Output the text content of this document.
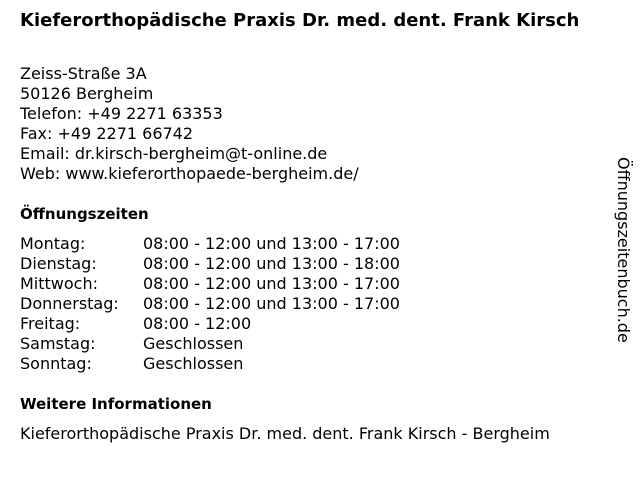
Kieferorthopädische Praxis Dr. med. dent. Frank Kirsch
Zeiss-Straße 3A
50126 Bergheim
Telefon: +49 2271 63353
Fax: +49 2271 66742
Email: dr.kirsch-bergheim@t-online.de
Web: www.kieferorthopaede-bergheim.de/
Öffnungszeiten
Montag:	08:00 - 12:00 und 13:00 - 17:00
Dienstag:	08:00 - 12:00 und 13:00 - 18:00
Mittwoch:	08:00 - 12:00 und 13:00 - 17:00
Donnerstag:	08:00 - 12:00 und 13:00 - 17:00
Freitag:	08:00 - 12:00
Samstag:	Geschlossen
Sonntag:	Geschlossen
Weitere Informationen
Kieferorthopädische Praxis Dr. med. dent. Frank Kirsch - Bergheim
Öffnungszeitenbuch.de
